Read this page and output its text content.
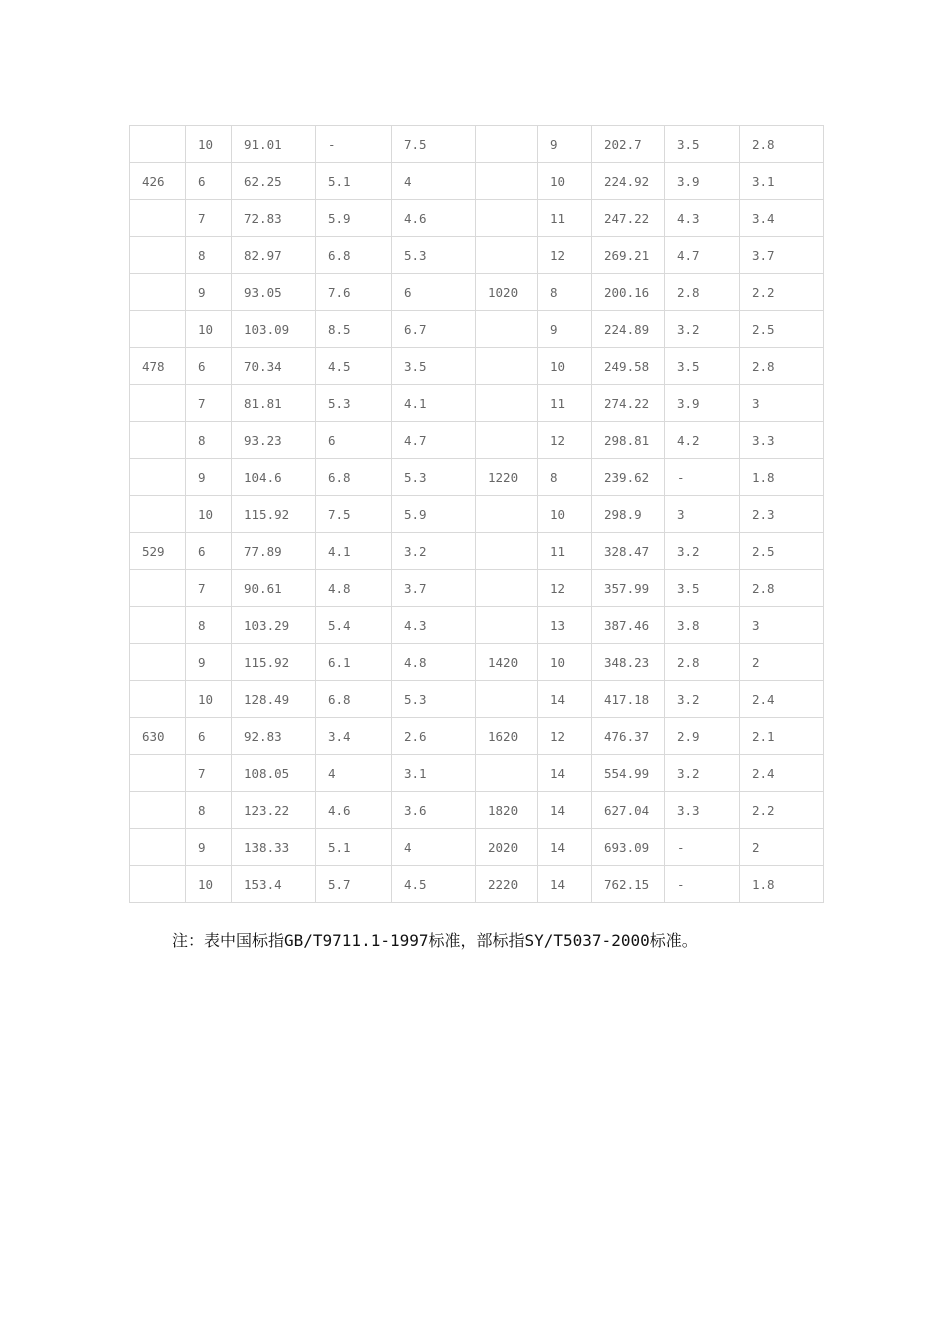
	10	91.01	-	7.5		9	202.7	3.5	2.8
426	6	62.25	5.1	4		10	224.92	3.9	3.1
	7	72.83	5.9	4.6		11	247.22	4.3	3.4
	8	82.97	6.8	5.3		12	269.21	4.7	3.7
	9	93.05	7.6	6	1020	8	200.16	2.8	2.2
	10	103.09	8.5	6.7		9	224.89	3.2	2.5
478	6	70.34	4.5	3.5		10	249.58	3.5	2.8
	7	81.81	5.3	4.1		11	274.22	3.9	3
	8	93.23	6	4.7		12	298.81	4.2	3.3
	9	104.6	6.8	5.3	1220	8	239.62	-	1.8
	10	115.92	7.5	5.9		10	298.9	3	2.3
529	6	77.89	4.1	3.2		11	328.47	3.2	2.5
	7	90.61	4.8	3.7		12	357.99	3.5	2.8
	8	103.29	5.4	4.3		13	387.46	3.8	3
	9	115.92	6.1	4.8	1420	10	348.23	2.8	2
	10	128.49	6.8	5.3		14	417.18	3.2	2.4
630	6	92.83	3.4	2.6	1620	12	476.37	2.9	2.1
	7	108.05	4	3.1		14	554.99	3.2	2.4
	8	123.22	4.6	3.6	1820	14	627.04	3.3	2.2
	9	138.33	5.1	4	2020	14	693.09	-	2
	10	153.4	5.7	4.5	2220	14	762.15	-	1.8
注：表中国标指GB/T9711.1-1997标准，部标指SY/T5037-2000标准。
